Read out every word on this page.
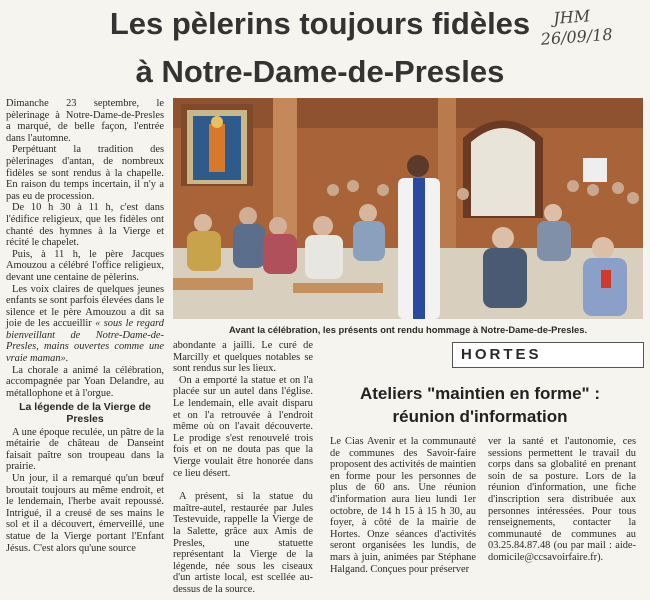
Les pèlerins toujours fidèles
à Notre-Dame-de-Presles
JHM
26/09/18

Dimanche 23 septembre, le pèlerinage à Notre-Dame-de-Presles a marqué, de belle façon, l'entrée dans l'automne.

Perpétuant la tradition des pèlerinages d'antan, de nombreux fidèles se sont rendus à la chapelle. En raison du temps incertain, il n'y a pas eu de procession.

De 10 h 30 à 11 h, c'est dans l'édifice religieux, que les fidèles ont chanté des hymnes à la Vierge et récité le chapelet.

Puis, à 11 h, le père Jacques Amouzou a célébré l'office religieux, devant une centaine de pèlerins.

Les voix claires de quelques jeunes enfants se sont parfois élevées dans le silence et le père Amouzou a dit sa joie de les accueillir « sous le regard bienveillant de Notre-Dame-de-Presles, mains ouvertes comme une vraie maman».

La chorale a animé la célébration, accompagnée par Yoan Delandre, au métallophone et à l'orgue.

La légende de la Vierge de Presles

A une époque reculée, un pâtre de la métairie de château de Danseint faisait paître son troupeau dans la prairie.

Un jour, il a remarqué qu'un bœuf broutait toujours au même endroit, et le lendemain, l'herbe avait repoussé. Intrigué, il a creusé de ses mains le sol et il a découvert, émerveillé, une statue de la Vierge portant l'Enfant Jésus. C'est alors qu'une source

Avant la célébration, les présents ont rendu hommage à Notre-Dame-de-Presles.

abondante a jailli. Le curé de Marcilly et quelques notables se sont rendus sur les lieux.

On a emporté la statue et on l'a placée sur un autel dans l'église. Le lendemain, elle avait disparu et on l'a retrouvée à l'endroit même où on l'avait découverte. Le prodige s'est renouvelé trois fois et on ne douta pas que la Vierge voulait être honorée dans ce lieu désert.

A présent, si la statue du maître-autel, restaurée par Jules Testevuide, rappelle la Vierge de la Salette, grâce aux Amis de Presles, une statuette représentant la Vierge de la légende, née sous les ciseaux d'un artiste local, est scellée au-dessus de la source.

HORTES
Ateliers "maintien en forme" :
réunion d'information

Le Cias Avenir et la communauté de communes des Savoir-faire proposent des activités de maintien en forme pour les personnes de plus de 60 ans. Une réunion d'information aura lieu lundi 1er octobre, de 14 h 15 à 15 h 30, au foyer, à côté de la mairie de Hortes. Onze séances d'activités seront organisées les lundis, de mars à juin, animées par Stéphane Halgand. Conçues pour préserver

ver la santé et l'autonomie, ces sessions permettent le travail du corps dans sa globalité en prenant soin de sa posture. Lors de la réunion d'information, une fiche d'inscription sera distribuée aux personnes intéressées. Pour tous renseignements, contacter la communauté de communes au 03.25.84.87.48 (ou par mail : aide-domicile@ccsavoirfaire.fr).
